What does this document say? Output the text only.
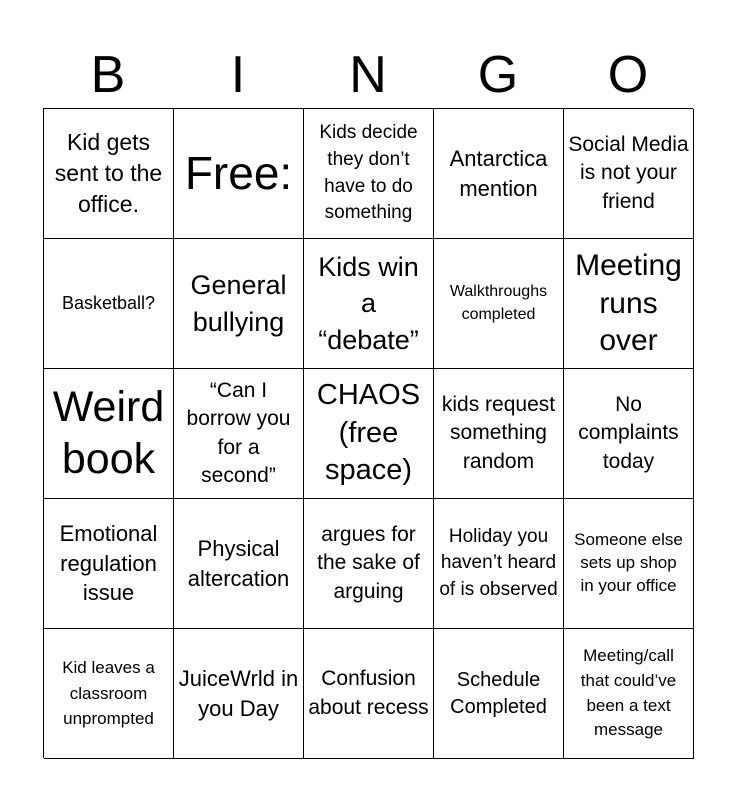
B	I	N	G	O
Kid gets sent to the office.
Free:
Kids decide they don’t have to do something
Antarctica mention
Social Media is not your friend
Basketball?
General bullying
Kids win a “debate”
Walkthroughs completed
Meeting runs over
Weird book
“Can I borrow you for a second”
CHAOS (free space)
kids request something random
No complaints today
Emotional regulation issue
Physical altercation
argues for the sake of arguing
Holiday you haven’t heard of is observed
Someone else sets up shop
in your office
Kid leaves a classroom unprompted
JuiceWrld in you Day
Confusion about recess
Schedule Completed
Meeting/call that could’ve been a text message
